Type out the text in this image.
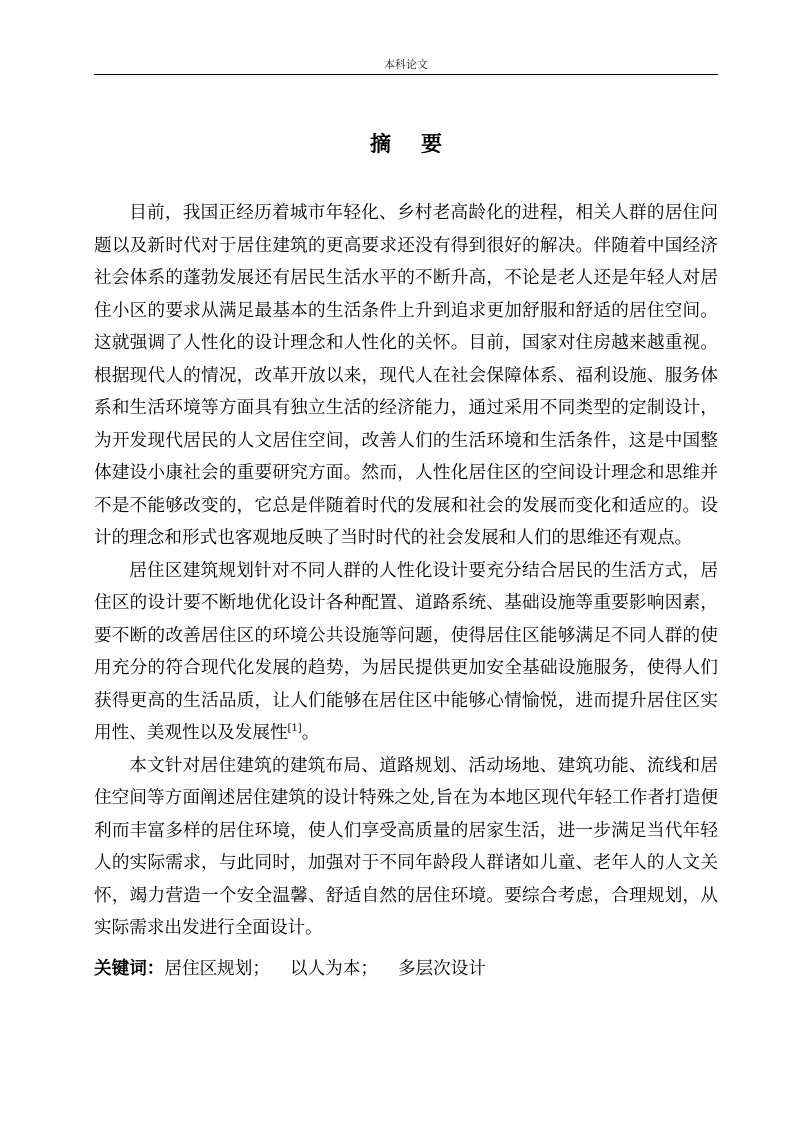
本科论文
摘要

目前，我国正经历着城市年轻化、乡村老高龄化的进程，相关人群的居住问题以及新时代对于居住建筑的更高要求还没有得到很好的解决。伴随着中国经济社会体系的蓬勃发展还有居民生活水平的不断升高，不论是老人还是年轻人对居住小区的要求从满足最基本的生活条件上升到追求更加舒服和舒适的居住空间。这就强调了人性化的设计理念和人性化的关怀。目前，国家对住房越来越重视。根据现代人的情况，改革开放以来，现代人在社会保障体系、福利设施、服务体系和生活环境等方面具有独立生活的经济能力，通过采用不同类型的定制设计，为开发现代居民的人文居住空间，改善人们的生活环境和生活条件，这是中国整体建设小康社会的重要研究方面。然而，人性化居住区的空间设计理念和思维并不是不能够改变的，它总是伴随着时代的发展和社会的发展而变化和适应的。设计的理念和形式也客观地反映了当时时代的社会发展和人们的思维还有观点。

居住区建筑规划针对不同人群的人性化设计要充分结合居民的生活方式，居住区的设计要不断地优化设计各种配置、道路系统、基础设施等重要影响因素，要不断的改善居住区的环境公共设施等问题，使得居住区能够满足不同人群的使用充分的符合现代化发展的趋势，为居民提供更加安全基础设施服务，使得人们获得更高的生活品质，让人们能够在居住区中能够心情愉悦，进而提升居住区实用性、美观性以及发展性[1]。

本文针对居住建筑的建筑布局、道路规划、活动场地、建筑功能、流线和居住空间等方面阐述居住建筑的设计特殊之处,旨在为本地区现代年轻工作者打造便利而丰富多样的居住环境，使人们享受高质量的居家生活，进一步满足当代年轻人的实际需求，与此同时，加强对于不同年龄段人群诸如儿童、老年人的人文关怀，竭力营造一个安全温馨、舒适自然的居住环境。要综合考虑，合理规划，从实际需求出发进行全面设计。

关键词：居住区规划； 以人为本； 多层次设计
